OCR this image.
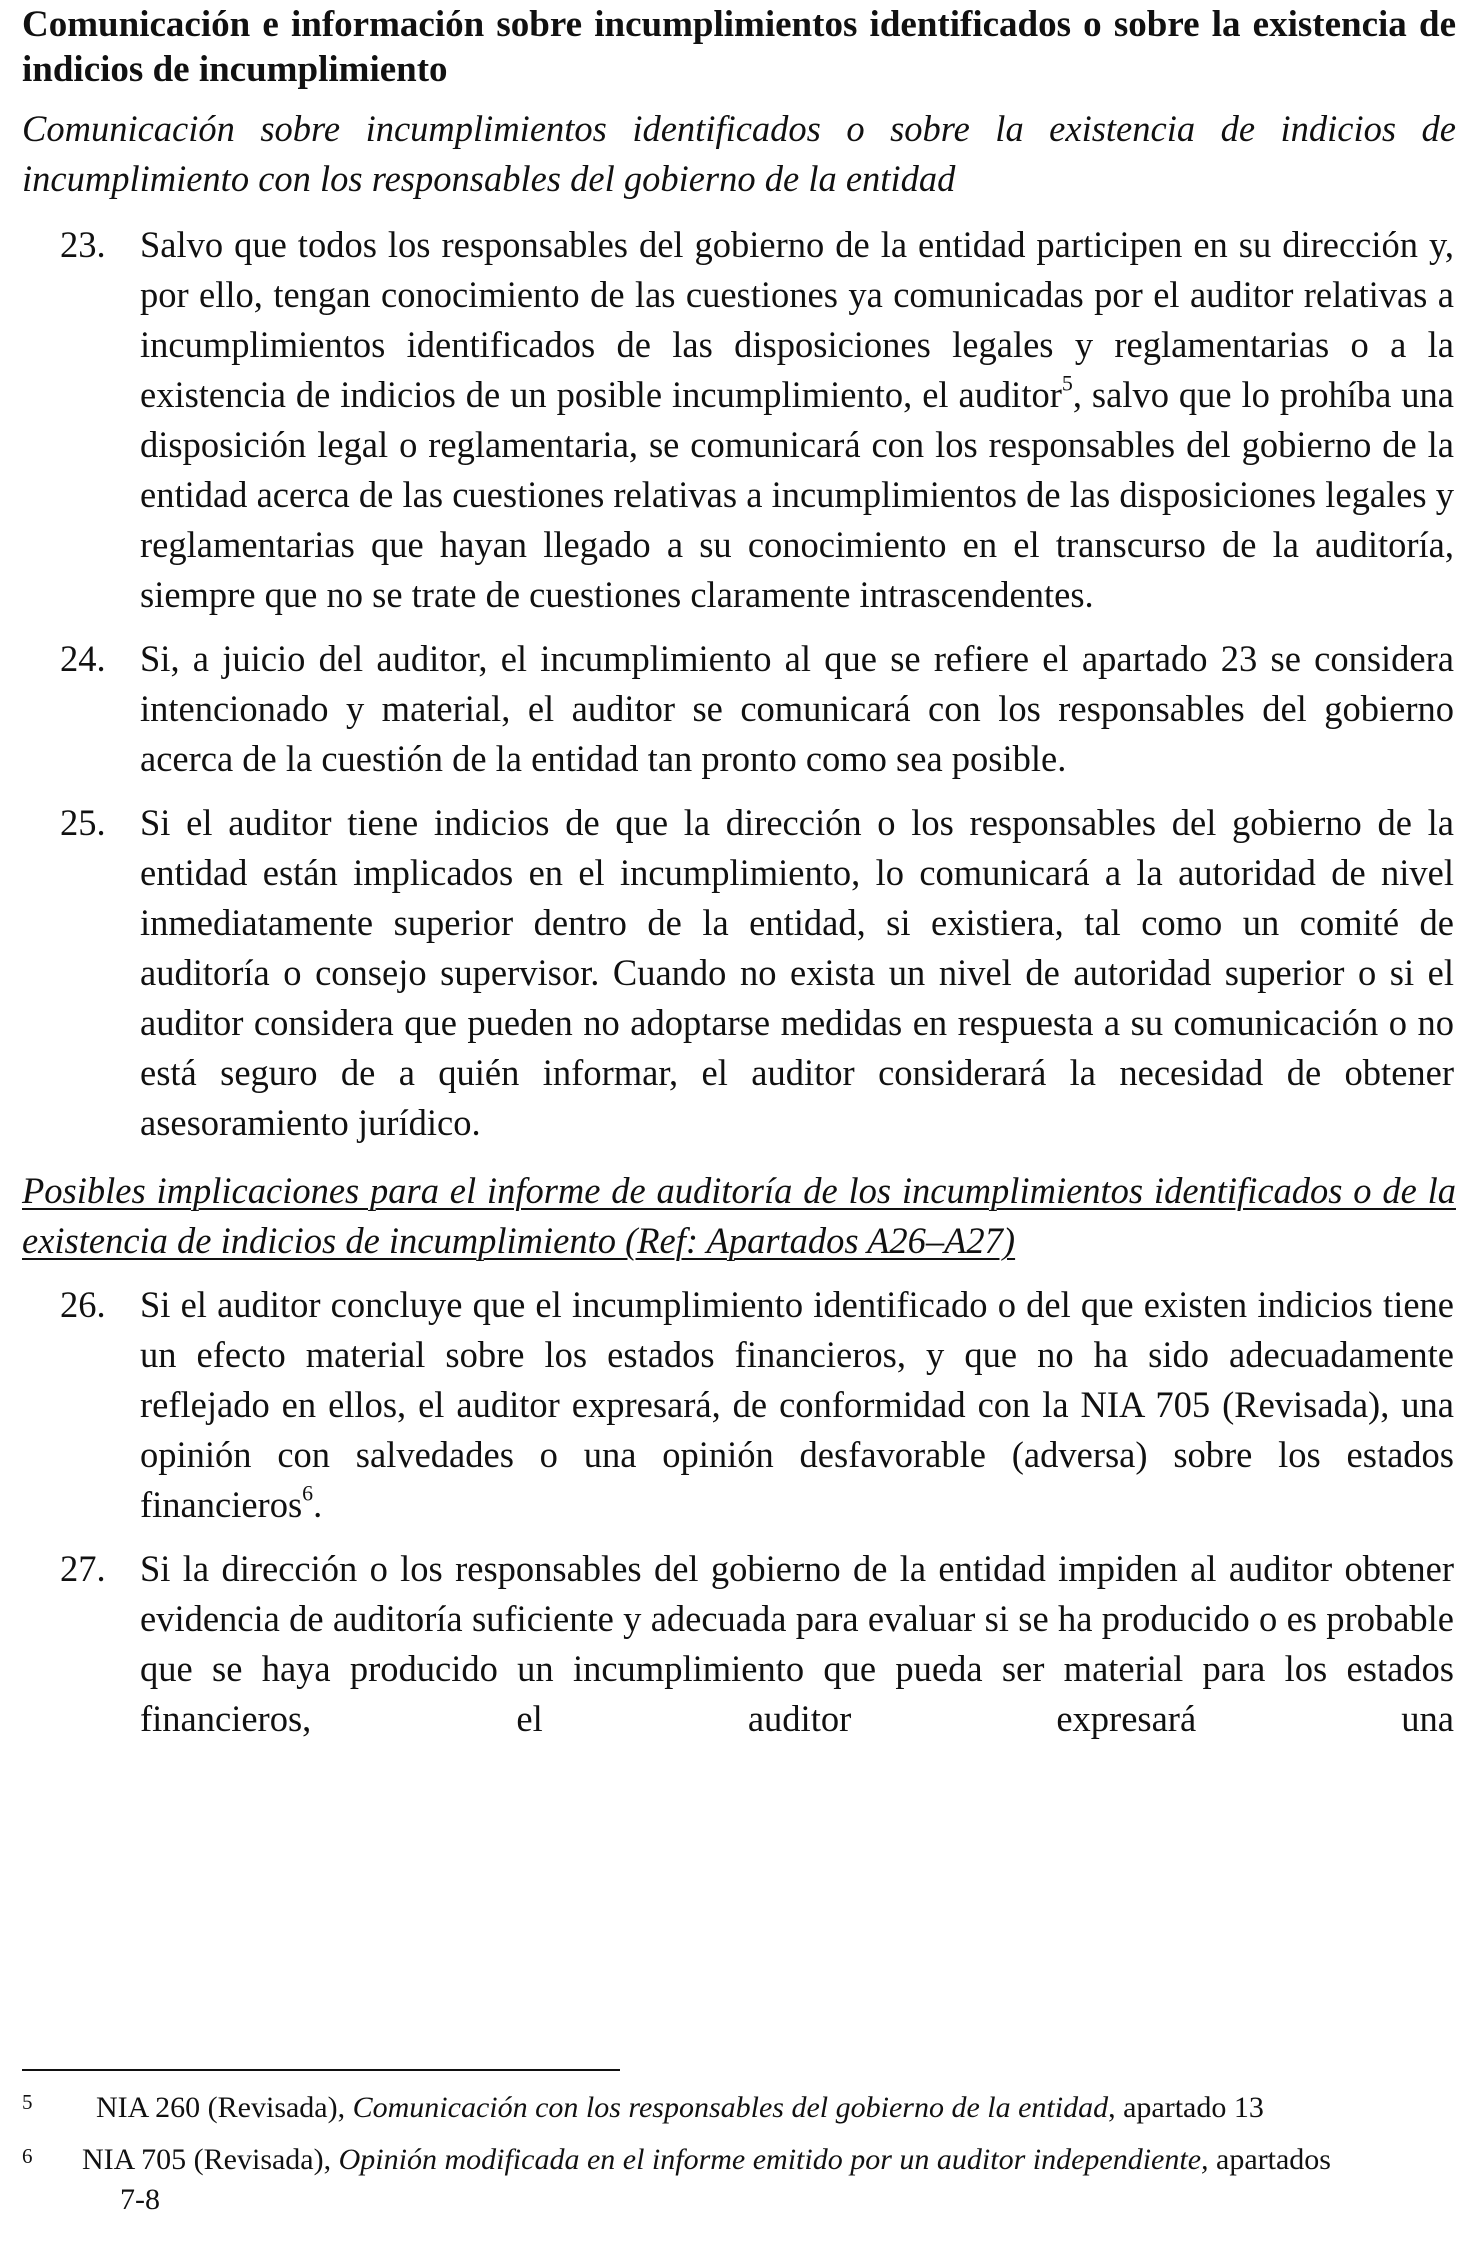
Comunicación e información sobre incumplimientos identificados o sobre la existencia de indicios de incumplimiento

Comunicación sobre incumplimientos identificados o sobre la existencia de indicios de incumplimiento con los responsables del gobierno de la entidad

23. Salvo que todos los responsables del gobierno de la entidad participen en su dirección y, por ello, tengan conocimiento de las cuestiones ya comunicadas por el auditor relativas a incumplimientos identificados de las disposiciones legales y reglamentarias o a la existencia de indicios de un posible incumplimiento, el auditor$^5$, salvo que lo prohíba una disposición legal o reglamentaria, se comunicará con los responsables del gobierno de la entidad acerca de las cuestiones relativas a incumplimientos de las disposiciones legales y reglamentarias que hayan llegado a su conocimiento en el transcurso de la auditoría, siempre que no se trate de cuestiones claramente intrascendentes.
24. Si, a juicio del auditor, el incumplimiento al que se refiere el apartado 23 se considera intencionado y material, el auditor se comunicará con los responsables del gobierno acerca de la cuestión de la entidad tan pronto como sea posible.
25. Si el auditor tiene indicios de que la dirección o los responsables del gobierno de la entidad están implicados en el incumplimiento, lo comunicará a la autoridad de nivel inmediatamente superior dentro de la entidad, si existiera, tal como un comité de auditoría o consejo supervisor. Cuando no exista un nivel de autoridad superior o si el auditor considera que pueden no adoptarse medidas en respuesta a su comunicación o no está seguro de a quién informar, el auditor considerará la necesidad de obtener asesoramiento jurídico.

Posibles implicaciones para el informe de auditoría de los incumplimientos identificados o de la existencia de indicios de incumplimiento (Ref: Apartados A26–A27)

26. Si el auditor concluye que el incumplimiento identificado o del que existen indicios tiene un efecto material sobre los estados financieros, y que no ha sido adecuadamente reflejado en ellos, el auditor expresará, de conformidad con la NIA 705 (Revisada), una opinión con salvedades o una opinión desfavorable (adversa) sobre los estados financieros$^6$.
27. Si la dirección o los responsables del gobierno de la entidad impiden al auditor obtener evidencia de auditoría suficiente y adecuada para evaluar si se ha producido o es probable que se haya producido un incumplimiento que pueda ser material para los estados financieros, el auditor expresará una
5 NIA 260 (Revisada), Comunicación con los responsables del gobierno de la entidad, apartado 13
6 NIA 705 (Revisada), Opinión modificada en el informe emitido por un auditor independiente, apartados
7-8
